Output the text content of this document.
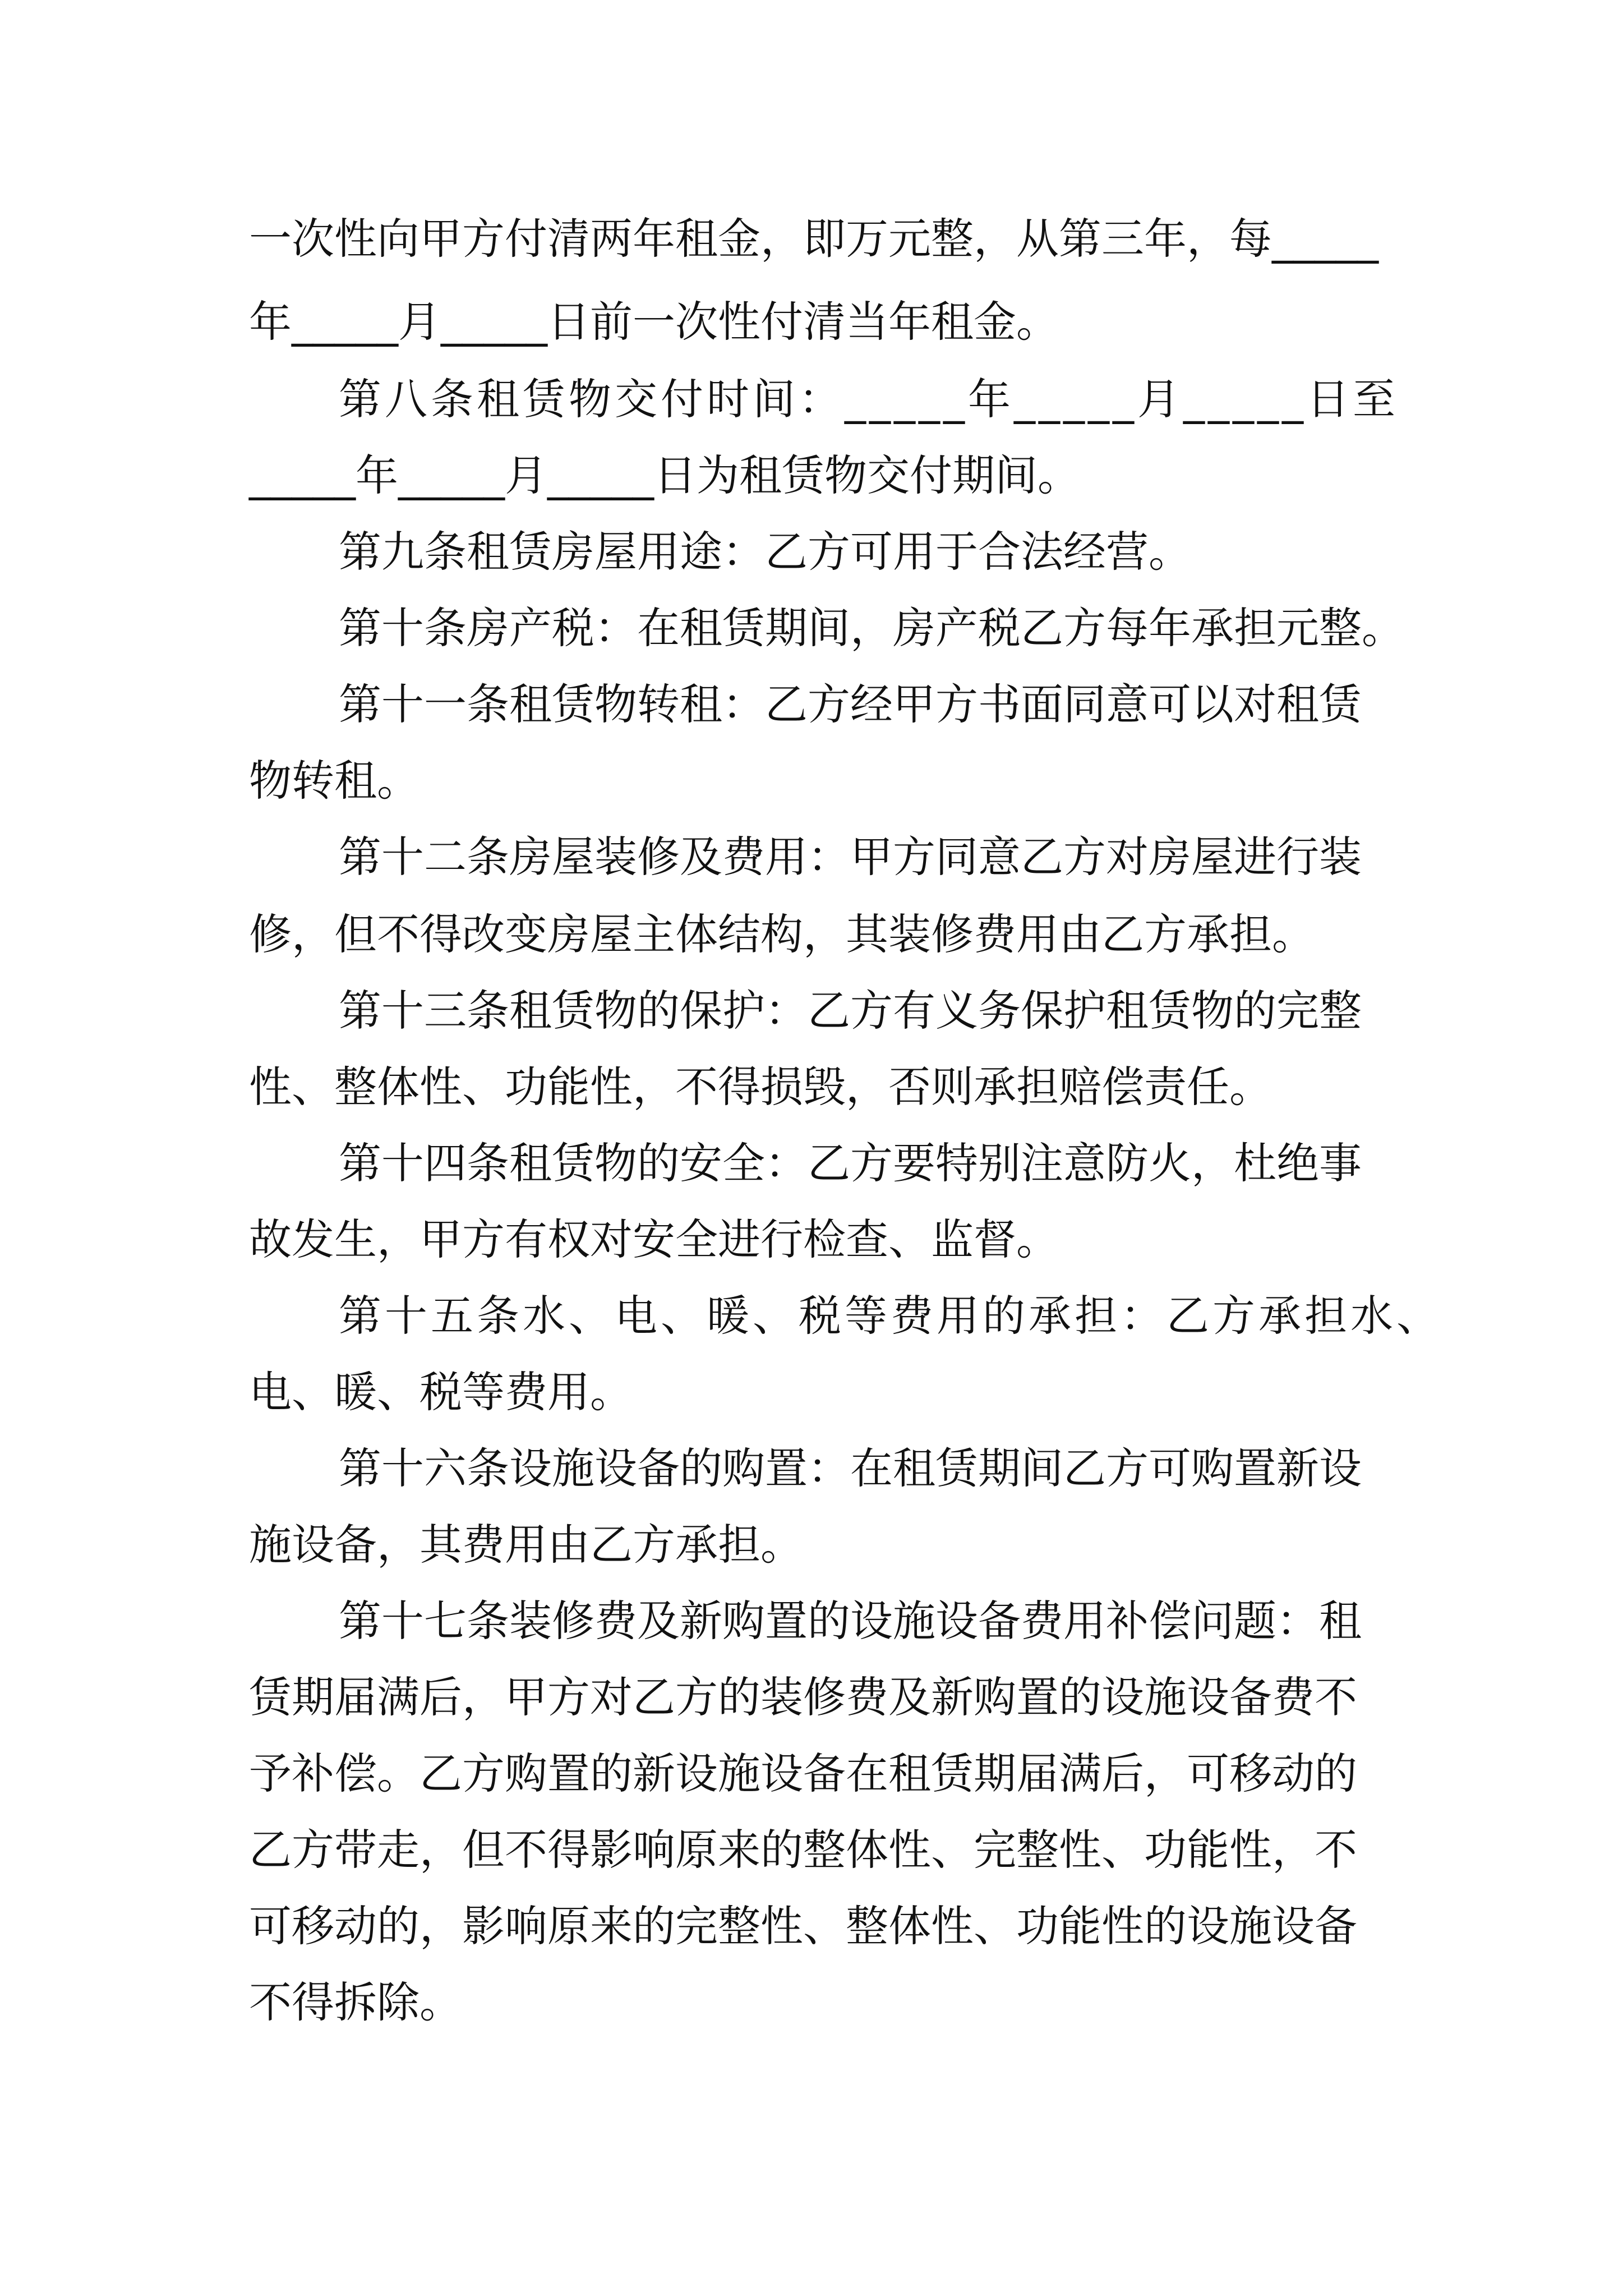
一次性向甲方付清两年租金，即万元整，从第三年，每_____
年_____月_____日前一次性付清当年租金。
第八条租赁物交付时间：_____年_____月_____日至
_____年_____月_____日为租赁物交付期间。
第九条租赁房屋用途：乙方可用于合法经营。
第十条房产税：在租赁期间，房产税乙方每年承担元整。
第十一条租赁物转租：乙方经甲方书面同意可以对租赁
物转租。
第十二条房屋装修及费用：甲方同意乙方对房屋进行装
修，但不得改变房屋主体结构，其装修费用由乙方承担。
第十三条租赁物的保护：乙方有义务保护租赁物的完整
性、整体性、功能性，不得损毁，否则承担赔偿责任。
第十四条租赁物的安全：乙方要特别注意防火，杜绝事
故发生，甲方有权对安全进行检查、监督。
第十五条水、电、暖、税等费用的承担：乙方承担水、
电、暖、税等费用。
第十六条设施设备的购置：在租赁期间乙方可购置新设
施设备，其费用由乙方承担。
第十七条装修费及新购置的设施设备费用补偿问题：租
赁期届满后，甲方对乙方的装修费及新购置的设施设备费不
予补偿。乙方购置的新设施设备在租赁期届满后，可移动的
乙方带走，但不得影响原来的整体性、完整性、功能性，不
可移动的，影响原来的完整性、整体性、功能性的设施设备
不得拆除。
